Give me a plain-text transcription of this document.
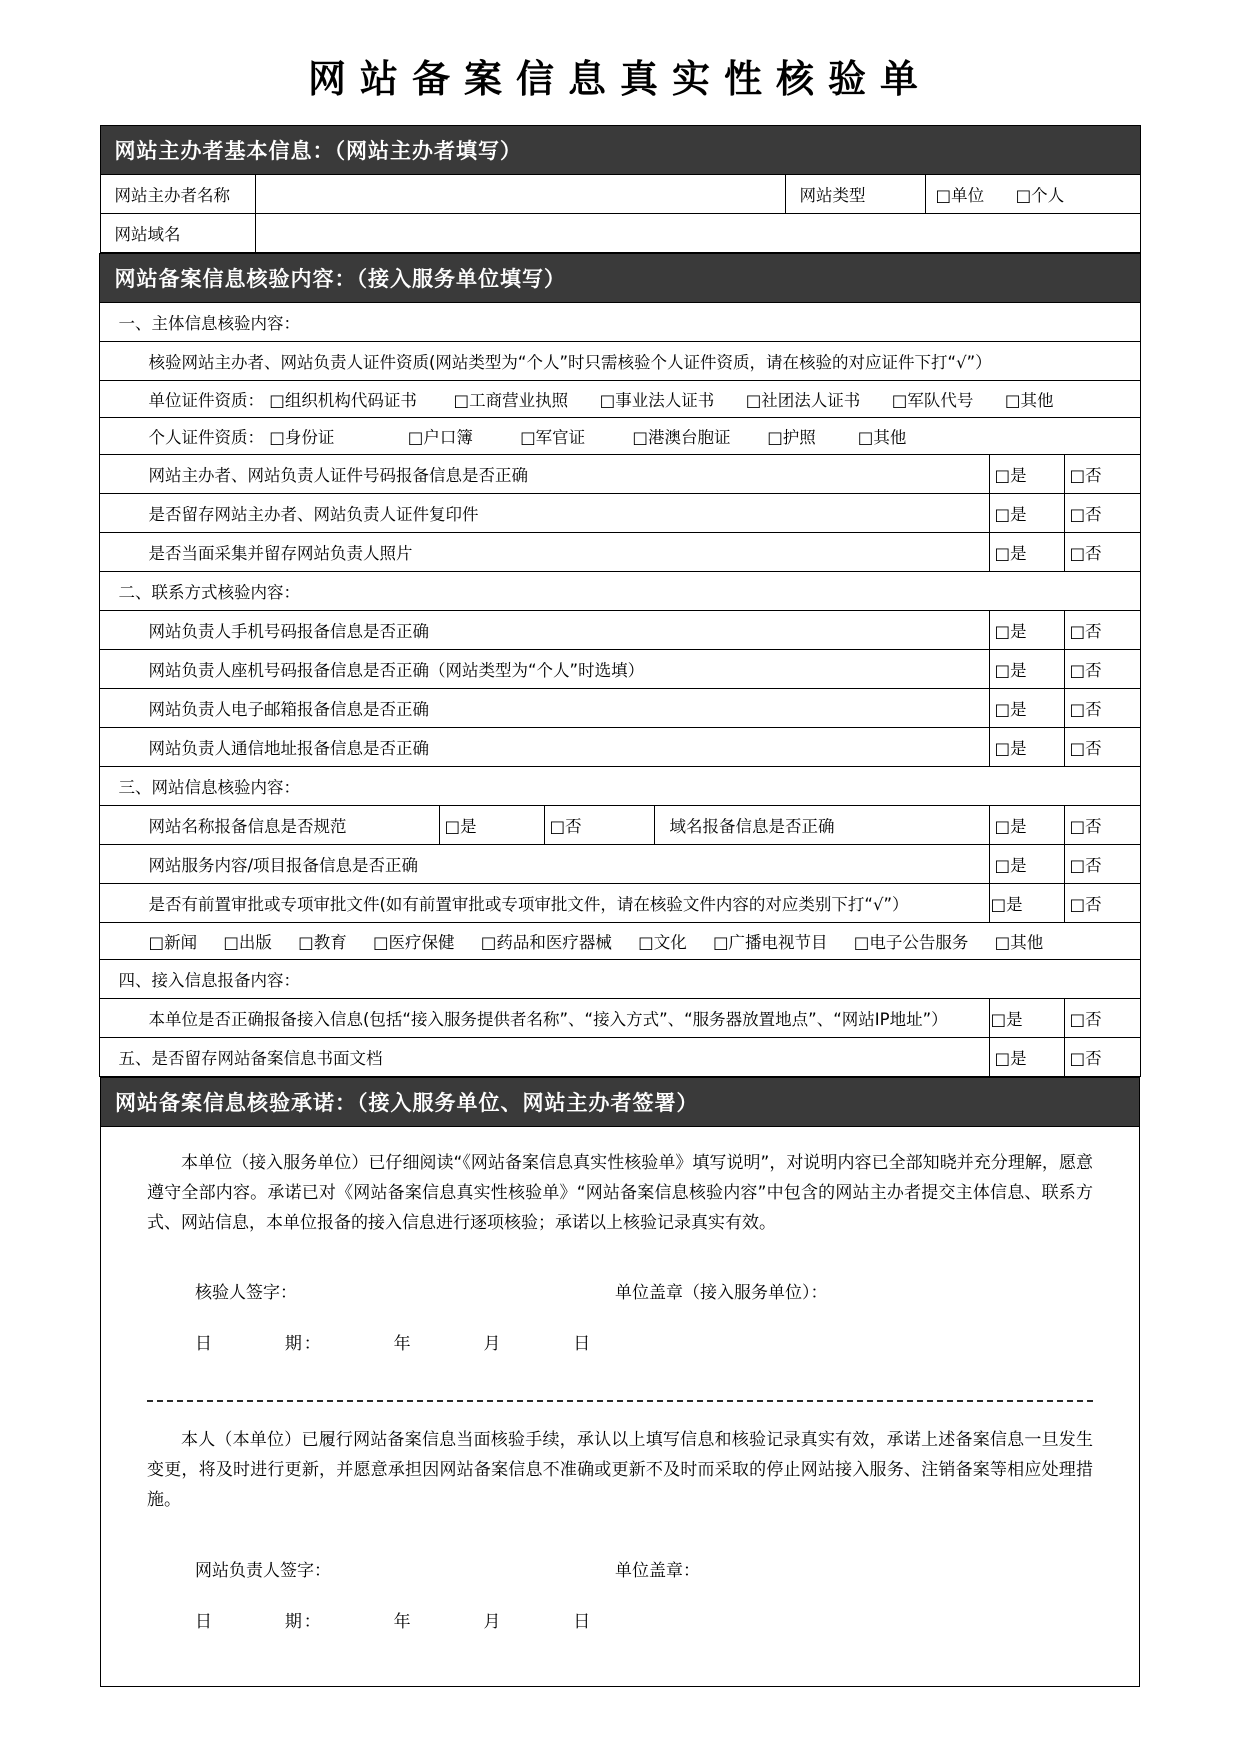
网站备案信息真实性核验单
网站主办者基本信息：（网站主办者填写）			
网站主办者名称		网站类型	□单位 □个人
网站域名			
网站备案信息核验内容：（接入服务单位填写）					
一、主体信息核验内容：					
核验网站主办者、网站负责人证件资质(网站类型为“个人”时只需核验个人证件资质，请在核验的对应证件下打“√”）					
单位证件资质： □组织机构代码证书 □工商营业执照 □事业法人证书 □社团法人证书 □军队代号 □其他					
个人证件资质： □身份证 □户口簿 □军官证 □港澳台胞证 □护照 □其他					
网站主办者、网站负责人证件号码报备信息是否正确				□是	□否
是否留存网站主办者、网站负责人证件复印件				□是	□否
是否当面采集并留存网站负责人照片				□是	□否
二、联系方式核验内容：					
网站负责人手机号码报备信息是否正确				□是	□否
网站负责人座机号码报备信息是否正确（网站类型为“个人”时选填）				□是	□否
网站负责人电子邮箱报备信息是否正确				□是	□否
网站负责人通信地址报备信息是否正确				□是	□否
三、网站信息核验内容：					
网站名称报备信息是否规范	□是	□否	域名报备信息是否正确	□是	□否
网站服务内容/项目报备信息是否正确				□是	□否
是否有前置审批或专项审批文件(如有前置审批或专项审批文件，请在核验文件内容的对应类别下打“√”）				□是	□否
□新闻 □出版 □教育 □医疗保健 □药品和医疗器械 □文化 □广播电视节目 □电子公告服务 □其他					
四、接入信息报备内容：					
本单位是否正确报备接入信息(包括“接入服务提供者名称”、“接入方式”、“服务器放置地点”、“网站IP地址”）				□是	□否
五、是否留存网站备案信息书面文档				□是	□否
网站备案信息核验承诺：（接入服务单位、网站主办者签署）

本单位（接入服务单位）已仔细阅读“《网站备案信息真实性核验单》填写说明”，对说明内容已全部知晓并充分理解，愿意遵守全部内容。承诺已对《网站备案信息真实性核验单》“网站备案信息核验内容”中包含的网站主办者提交主体信息、联系方式、网站信息，本单位报备的接入信息进行逐项核验；承诺以上核验记录真实有效。

核验人签字：	单位盖章（接入服务单位）：
日	期：	年	月	日

本人（本单位）已履行网站备案信息当面核验手续，承认以上填写信息和核验记录真实有效，承诺上述备案信息一旦发生变更，将及时进行更新，并愿意承担因网站备案信息不准确或更新不及时而采取的停止网站接入服务、注销备案等相应处理措施。

网站负责人签字：	单位盖章：
日	期：	年	月	日
